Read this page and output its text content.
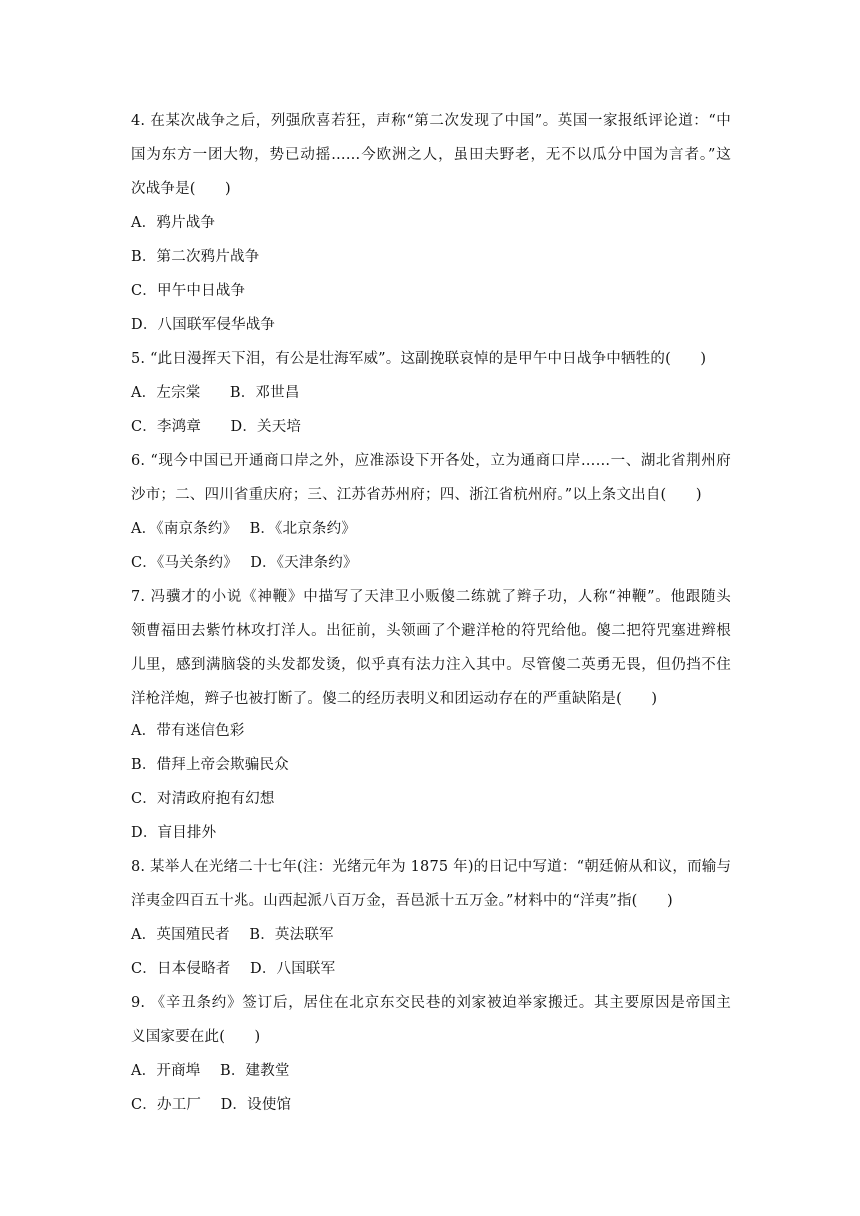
4. 在某次战争之后，列强欣喜若狂，声称“第二次发现了中国”。英国一家报纸评论道：“中
国为东方一团大物，势已动摇……今欧洲之人，虽田夫野老，无不以瓜分中国为言者。”这
次战争是(　　)
A．鸦片战争
B．第二次鸦片战争
C．甲午中日战争
D．八国联军侵华战争
5. “此日漫挥天下泪，有公是壮海军威”。这副挽联哀悼的是甲午中日战争中牺牲的(　　)
A．左宗棠　　B．邓世昌
C．李鸿章　　D．关天培
6. “现今中国已开通商口岸之外，应准添设下开各处，立为通商口岸……一、湖北省荆州府
沙市；二、四川省重庆府；三、江苏省苏州府；四、浙江省杭州府。”以上条文出自(　　)
A．《南京条约》　 B．《北京条约》
C．《马关条约》　 D．《天津条约》
7. 冯骥才的小说《神鞭》中描写了天津卫小贩傻二练就了辫子功，人称“神鞭”。他跟随头
领曹福田去紫竹林攻打洋人。出征前，头领画了个避洋枪的符咒给他。傻二把符咒塞进辫根
儿里，感到满脑袋的头发都发烫，似乎真有法力注入其中。尽管傻二英勇无畏，但仍挡不住
洋枪洋炮，辫子也被打断了。傻二的经历表明义和团运动存在的严重缺陷是(　　)
A．带有迷信色彩
B．借拜上帝会欺骗民众
C．对清政府抱有幻想
D．盲目排外
8. 某举人在光绪二十七年(注：光绪元年为 1875 年)的日记中写道：“朝廷俯从和议，而输与
洋夷金四百五十兆。山西起派八百万金，吾邑派十五万金。”材料中的“洋夷”指(　　)
A．英国殖民者　 B．英法联军
C．日本侵略者　 D．八国联军
9. 《辛丑条约》签订后，居住在北京东交民巷的刘家被迫举家搬迁。其主要原因是帝国主
义国家要在此(　　)
A．开商埠　 B．建教堂
C．办工厂　 D．设使馆
